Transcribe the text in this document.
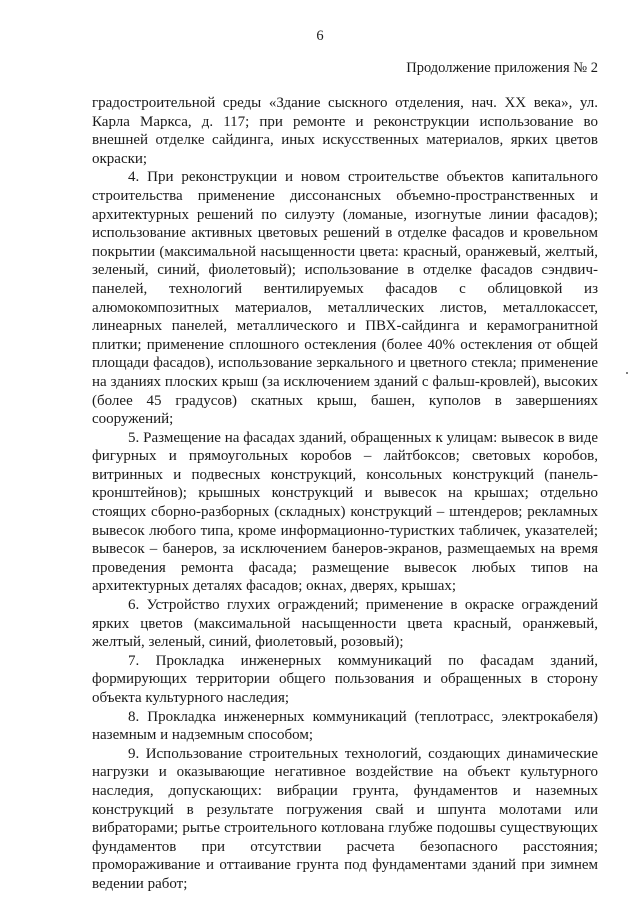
6
Продолжение приложения № 2

градостроительной среды «Здание сыскного отделения, нач. XX века», ул. Карла Маркса, д. 117; при ремонте и реконструкции использование во внешней отделке сайдинга, иных искусственных материалов, ярких цветов окраски;

4. При реконструкции и новом строительстве объектов капитального строительства применение диссонансных объемно-пространственных и архитектурных решений по силуэту (ломаные, изогнутые линии фасадов); использование активных цветовых решений в отделке фасадов и кровельном покрытии (максимальной насыщенности цвета: красный, оранжевый, желтый, зеленый, синий, фиолетовый); использование в отделке фасадов сэндвич-панелей, технологий вентилируемых фасадов с облицовкой из алюмокомпозитных материалов, металлических листов, металлокассет, линеарных панелей, металлического и ПВХ-сайдинга и керамогранитной плитки; применение сплошного остекления (более 40% остекления от общей площади фасадов), использование зеркального и цветного стекла; применение на зданиях плоских крыш (за исключением зданий с фальш-кровлей), высоких (более 45 градусов) скатных крыш, башен, куполов в завершениях сооружений;

5. Размещение на фасадах зданий, обращенных к улицам: вывесок в виде фигурных и прямоугольных коробов – лайтбоксов; световых коробов, витринных и подвесных конструкций, консольных конструкций (панель-кронштейнов); крышных конструкций и вывесок на крышах; отдельно стоящих сборно-разборных (складных) конструкций – штендеров; рекламных вывесок любого типа, кроме информационно-туристких табличек, указателей; вывесок – банеров, за исключением банеров-экранов, размещаемых на время проведения ремонта фасада; размещение вывесок любых типов на архитектурных деталях фасадов; окнах, дверях, крышах;

6. Устройство глухих ограждений; применение в окраске ограждений ярких цветов (максимальной насыщенности цвета красный, оранжевый, желтый, зеленый, синий, фиолетовый, розовый);

7. Прокладка инженерных коммуникаций по фасадам зданий, формирующих территории общего пользования и обращенных в сторону объекта культурного наследия;

8. Прокладка инженерных коммуникаций (теплотрасс, электрокабеля) наземным и надземным способом;

9. Использование строительных технологий, создающих динамические нагрузки и оказывающие негативное воздействие на объект культурного наследия, допускающих: вибрации грунта, фундаментов и наземных конструкций в результате погружения свай и шпунта молотами или вибраторами; рытье строительного котлована глубже подошвы существующих фундаментов при отсутствии расчета безопасного расстояния; промораживание и оттаивание грунта под фундаментами зданий при зимнем ведении работ;
